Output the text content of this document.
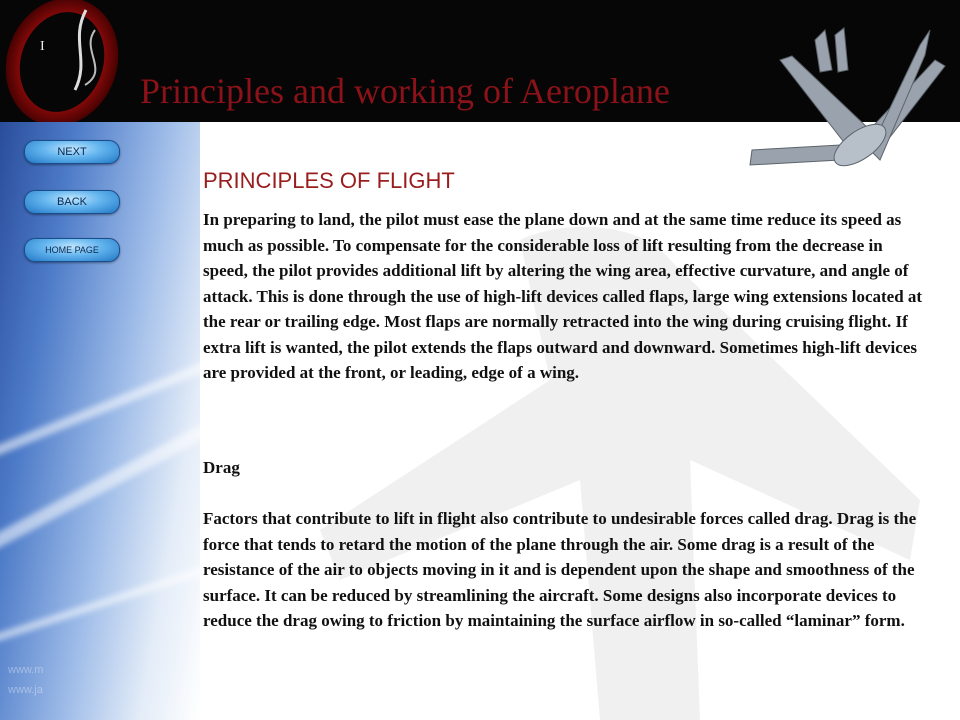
I
Principles and working of Aeroplane
NEXT
BACK
HOME PAGE
www.m
www.ja
PRINCIPLES OF FLIGHT
In preparing to land, the pilot must ease the plane down and at the same time reduce its speed as much as possible. To compensate for the considerable loss of lift resulting from the decrease in speed, the pilot provides additional lift by altering the wing area, effective curvature, and angle of attack. This is done through the use of high-lift devices called flaps, large wing extensions located at the rear or trailing edge. Most flaps are normally retracted into the wing during cruising flight. If extra lift is wanted, the pilot extends the flaps outward and downward. Sometimes high-lift devices are provided at the front, or leading, edge of a wing.
Drag
Factors that contribute to lift in flight also contribute to undesirable forces called drag. Drag is the force that tends to retard the motion of the plane through the air. Some drag is a result of the resistance of the air to objects moving in it and is dependent upon the shape and smoothness of the surface. It can be reduced by streamlining the aircraft. Some designs also incorporate devices to reduce the drag owing to friction by maintaining the surface airflow in so-called “laminar” form.
